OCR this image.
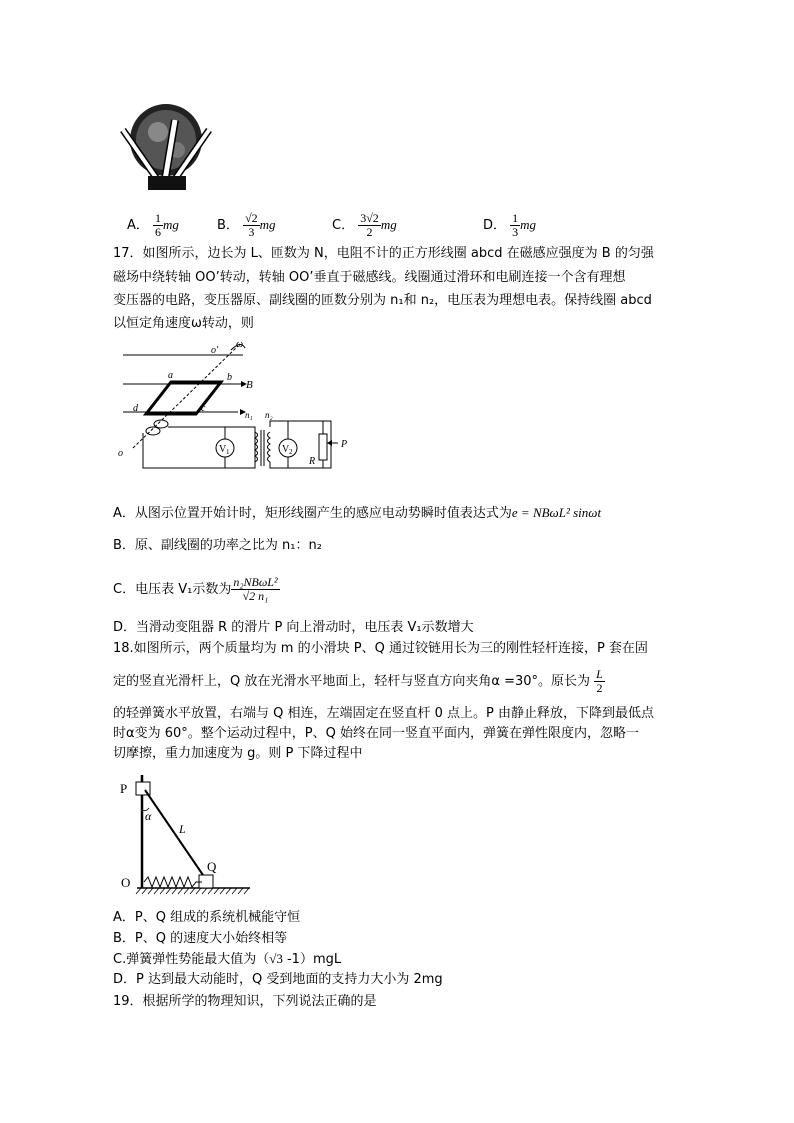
A． $\frac{1}{6}$ mg	B． $\frac{√2}{3}$ mg	C． $\frac{3√2}{2}$ mg	D． $\frac{1}{3}$ mg
17．如图所示，边长为 L、匝数为 N，电阻不计的正方形线圈 abcd 在磁感应强度为 B 的匀强
磁场中绕转轴 OO’转动，转轴 OO’垂直于磁感线。线圈通过滑环和电刷连接一个含有理想
变压器的电路，变压器原、副线圈的匝数分别为 n₁和 n₂，电压表为理想电表。保持线圈 abcd
以恒定角速度ω转动，则
V 1	V 2
o'
ω
a	b
B
d	c
n₁ n₂
R
P
o
A．从图示位置开始计时，矩形线圈产生的感应电动势瞬时值表达式为e = NBωL² sinωt
B．原、副线圈的功率之比为 n₁：n₂
C．电压表 V₁示数为 $\frac{\text{n₂NBωL²}}{\text{√2 n₁}}$
D．当滑动变阻器 R 的滑片 P 向上滑动时，电压表 V₁示数增大
18.如图所示，两个质量均为 m 的小滑块 P、Q 通过铰链用长为三的刚性轻杆连接，P 套在固
定的竖直光滑杆上，Q 放在光滑水平地面上，轻杆与竖直方向夹角α =30°。原长为 $\frac{L}{2}$
的轻弹簧水平放置，右端与 Q 相连，左端固定在竖直杆 0 点上。P 由静止释放，下降到最低点
时α变为 60°。整个运动过程中，P、Q 始终在同一竖直平面内，弹簧在弹性限度内，忽略一
切摩擦，重力加速度为 g。则 P 下降过程中
P
α
L
Q
O
A．P、Q 组成的系统机械能守恒
B．P、Q 的速度大小始终相等
C.弹簧弹性势能最大值为（√3 -1）mgL
D．P 达到最大动能时，Q 受到地面的支持力大小为 2mg
19．根据所学的物理知识，下列说法正确的是
